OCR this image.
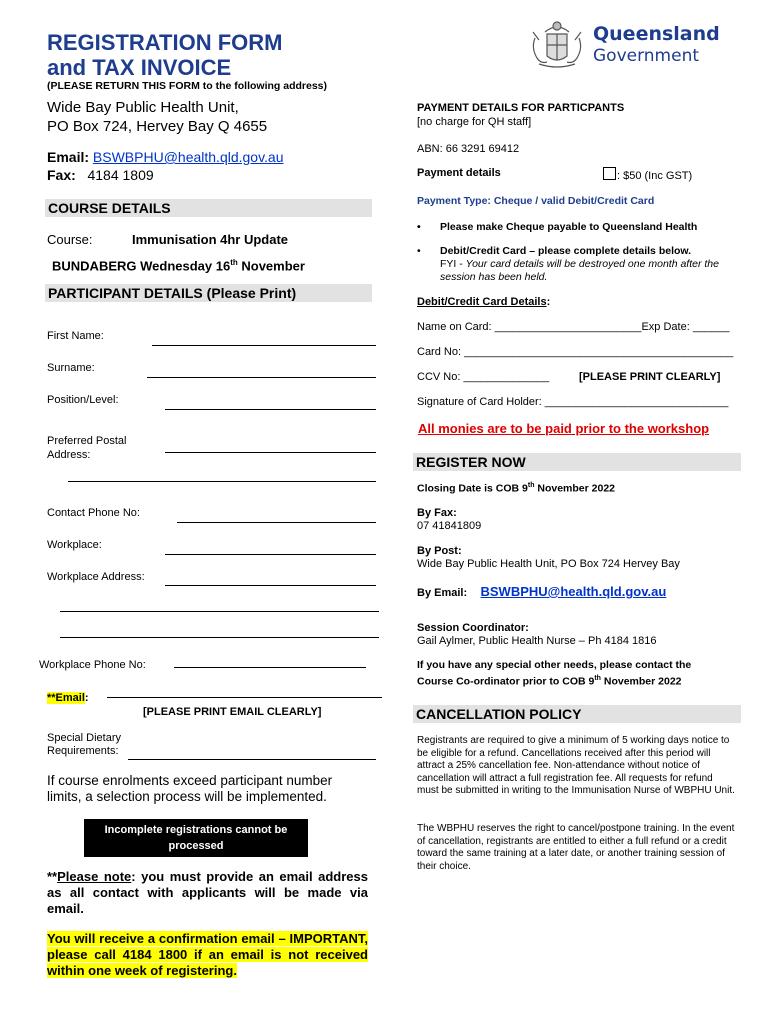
REGISTRATION FORM
and TAX INVOICE
(PLEASE RETURN THIS FORM to the following address)
Queensland
Government
Wide Bay Public Health Unit,
PO Box 724, Hervey Bay Q 4655
Email: BSWBPHU@health.qld.gov.au
Fax: 4184 1809
COURSE DETAILS
Course:	Immunisation 4hr Update
BUNDABERG Wednesday 16th November
PARTICIPANT DETAILS (Please Print)
First Name:
Surname:
Position/Level:
Preferred Postal
Address:
Contact Phone No:
Workplace:
Workplace Address:
Workplace Phone No:
**Email:
[PLEASE PRINT EMAIL CLEARLY]
Special Dietary
Requirements:
If course enrolments exceed participant number limits, a selection process will be implemented.
Incomplete registrations cannot be
processed
**Please note: you must provide an email address as all contact with applicants will be made via email.
You will receive a confirmation email – IMPORTANT, please call 4184 1800 if an email is not received within one week of registering.
PAYMENT DETAILS FOR PARTICPANTS
[no charge for QH staff]
ABN: 66 3291 69412
Payment details	: $50 (Inc GST)
Payment Type: Cheque / valid Debit/Credit Card
• Please make Cheque payable to Queensland Health
• Debit/Credit Card – please complete details below.
FYI - Your card details will be destroyed one month after the session has been held.
Debit/Credit Card Details:
Name on Card: ________________________Exp Date: ______
Card No: ____________________________________________
CCV No: ______________	[PLEASE PRINT CLEARLY]
Signature of Card Holder: ______________________________
All monies are to be paid prior to the workshop
REGISTER NOW
Closing Date is COB 9th November 2022
By Fax:
07 41841809
By Post:
Wide Bay Public Health Unit, PO Box 724 Hervey Bay
By Email: BSWBPHU@health.qld.gov.au
Session Coordinator:
Gail Aylmer, Public Health Nurse – Ph 4184 1816
If you have any special other needs, please contact the Course Co-ordinator prior to COB 9th November 2022
CANCELLATION POLICY
Registrants are required to give a minimum of 5 working days notice to be eligible for a refund. Cancellations received after this period will attract a 25% cancellation fee. Non-attendance without notice of cancellation will attract a full registration fee. All requests for refund must be submitted in writing to the Immunisation Nurse of WBPHU Unit.
The WBPHU reserves the right to cancel/postpone training. In the event of cancellation, registrants are entitled to either a full refund or a credit toward the same training at a later date, or another training session of their choice.
